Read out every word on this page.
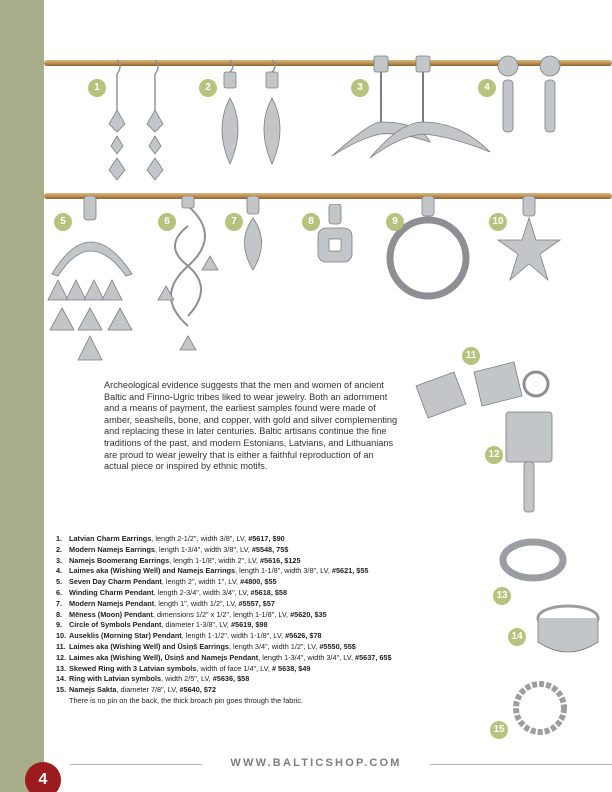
1	2	3	4
5	6	7	8	9	10
11
12
13
14
15

Archeological evidence suggests that the men and women of ancient Baltic and Finno-Ugric tribes liked to wear jewelry. Both an adornment and a means of payment, the earliest samples found were made of amber, seashells, bone, and copper, with gold and silver complementing and replacing these in later centuries. Baltic artisans continue the fine traditions of the past, and modern Estonians, Latvians, and Lithuanians are proud to wear jewelry that is either a faithful reproduction of an actual piece or inspired by ethnic motifs.

1. Latvian Charm Earrings, length 2-1/2", width 3/8", LV, #5617, $90
2. Modern Namejs Earrings, length 1-3/4", width 3/8", LV, #5548, 75$
3. Namejs Boomerang Earrings, length 1-1/8", width 2", LV, #5616, $125
4. Laimes aka (Wishing Well) and Namejs Earrings, length 1-1/8", width 3/8", LV, #5621, $55
5. Seven Day Charm Pendant, length 2", width 1", LV, #4800, $55
6. Winding Charm Pendant, length 2-3/4", width 3/4", LV, #5618, $58
7. Modern Namejs Pendant, length 1", width 1/2", LV, #5557, $57
8. Mēness (Moon) Pendant, dimensions 1/2" x 1/2", length 1-1/8", LV, #5620, $35
9. Circle of Symbols Pendant, diameter 1-3/8", LV, #5619, $98
10. Auseklis (Morning Star) Pendant, length 1-1/2", width 1-1/8", LV, #5626, $78
11. Laimes aka (Wishing Well) and Ūsiņš Earrings, length 3/4", width 1/2", LV, #5550, 55$
12. Laimes aka (Wishing Well), Ūsiņš and Namejs Pendant, length 1-3/4", width 3/4", LV, #5637, 65$
13. Skewed Ring with 3 Latvian symbols, width of face 1/4", LV, # 5638, $49
14. Ring with Latvian symbols, width 2/5", LV, #5636, $58
15. Namejs Sakta, diameter 7/8", LV, #5640, $72
There is no pin on the back, the thick broach pin goes through the fabric.
WWW.BALTICSHOP.COM
4
